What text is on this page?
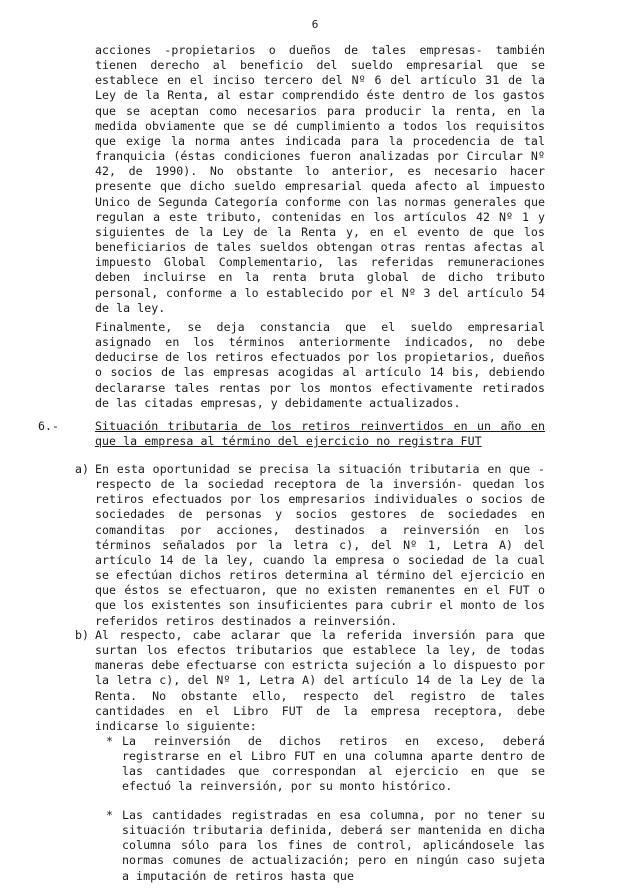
6
acciones -propietarios o dueños de tales empresas- también tienen derecho al beneficio del sueldo empresarial que se establece en el inciso tercero del Nº 6 del artículo 31 de la Ley de la Renta, al estar comprendido éste dentro de los gastos que se aceptan como necesarios para producir la renta, en la medida obviamente que se dé cumplimiento a todos los requisitos que exige la norma antes indicada para la procedencia de tal franquicia (éstas condiciones fueron analizadas por Circular Nº 42, de 1990). No obstante lo anterior, es necesario hacer presente que dicho sueldo empresarial queda afecto al impuesto Unico de Segunda Categoría conforme con las normas generales que regulan a este tributo, contenidas en los artículos 42 Nº 1 y siguientes de la Ley de la Renta y, en el evento de que los beneficiarios de tales sueldos obtengan otras rentas afectas al impuesto Global Complementario, las referidas remuneraciones deben incluirse en la renta bruta global de dicho tributo personal, conforme a lo establecido por el Nº 3 del artículo 54 de la ley.
Finalmente, se deja constancia que el sueldo empresarial asignado en los términos anteriormente indicados, no debe deducirse de los retiros efectuados por los propietarios, dueños o socios de las empresas acogidas al artículo 14 bis, debiendo declararse tales rentas por los montos efectivamente retirados de las citadas empresas, y debidamente actualizados.
6.-	Situación tributaria de los retiros reinvertidos en un año en que la empresa al término del ejercicio no registra FUT
a) En esta oportunidad se precisa la situación tributaria en que -respecto de la sociedad receptora de la inversión- quedan los retiros efectuados por los empresarios individuales o socios de sociedades de personas y socios gestores de sociedades en comanditas por acciones, destinados a reinversión en los términos señalados por la letra c), del Nº 1, Letra A) del artículo 14 de la ley, cuando la empresa o sociedad de la cual se efectúan dichos retiros determina al término del ejercicio en que éstos se efectuaron, que no existen remanentes en el FUT o que los existentes son insuficientes para cubrir el monto de los referidos retiros destinados a reinversión.
b) Al respecto, cabe aclarar que la referida inversión para que surtan los efectos tributarios que establece la ley, de todas maneras debe efectuarse con estricta sujeción a lo dispuesto por la letra c), del Nº 1, Letra A) del artículo 14 de la Ley de la Renta. No obstante ello, respecto del registro de tales cantidades en el Libro FUT de la empresa receptora, debe indicarse lo siguiente:
* La reinversión de dichos retiros en exceso, deberá registrarse en el Libro FUT en una columna aparte dentro de las cantidades que correspondan al ejercicio en que se efectuó la reinversión, por su monto histórico.
* Las cantidades registradas en esa columna, por no tener su situación tributaria definida, deberá ser mantenida en dicha columna sólo para los fines de control, aplicándosele las normas comunes de actualización; pero en ningún caso sujeta a imputación de retiros hasta que
